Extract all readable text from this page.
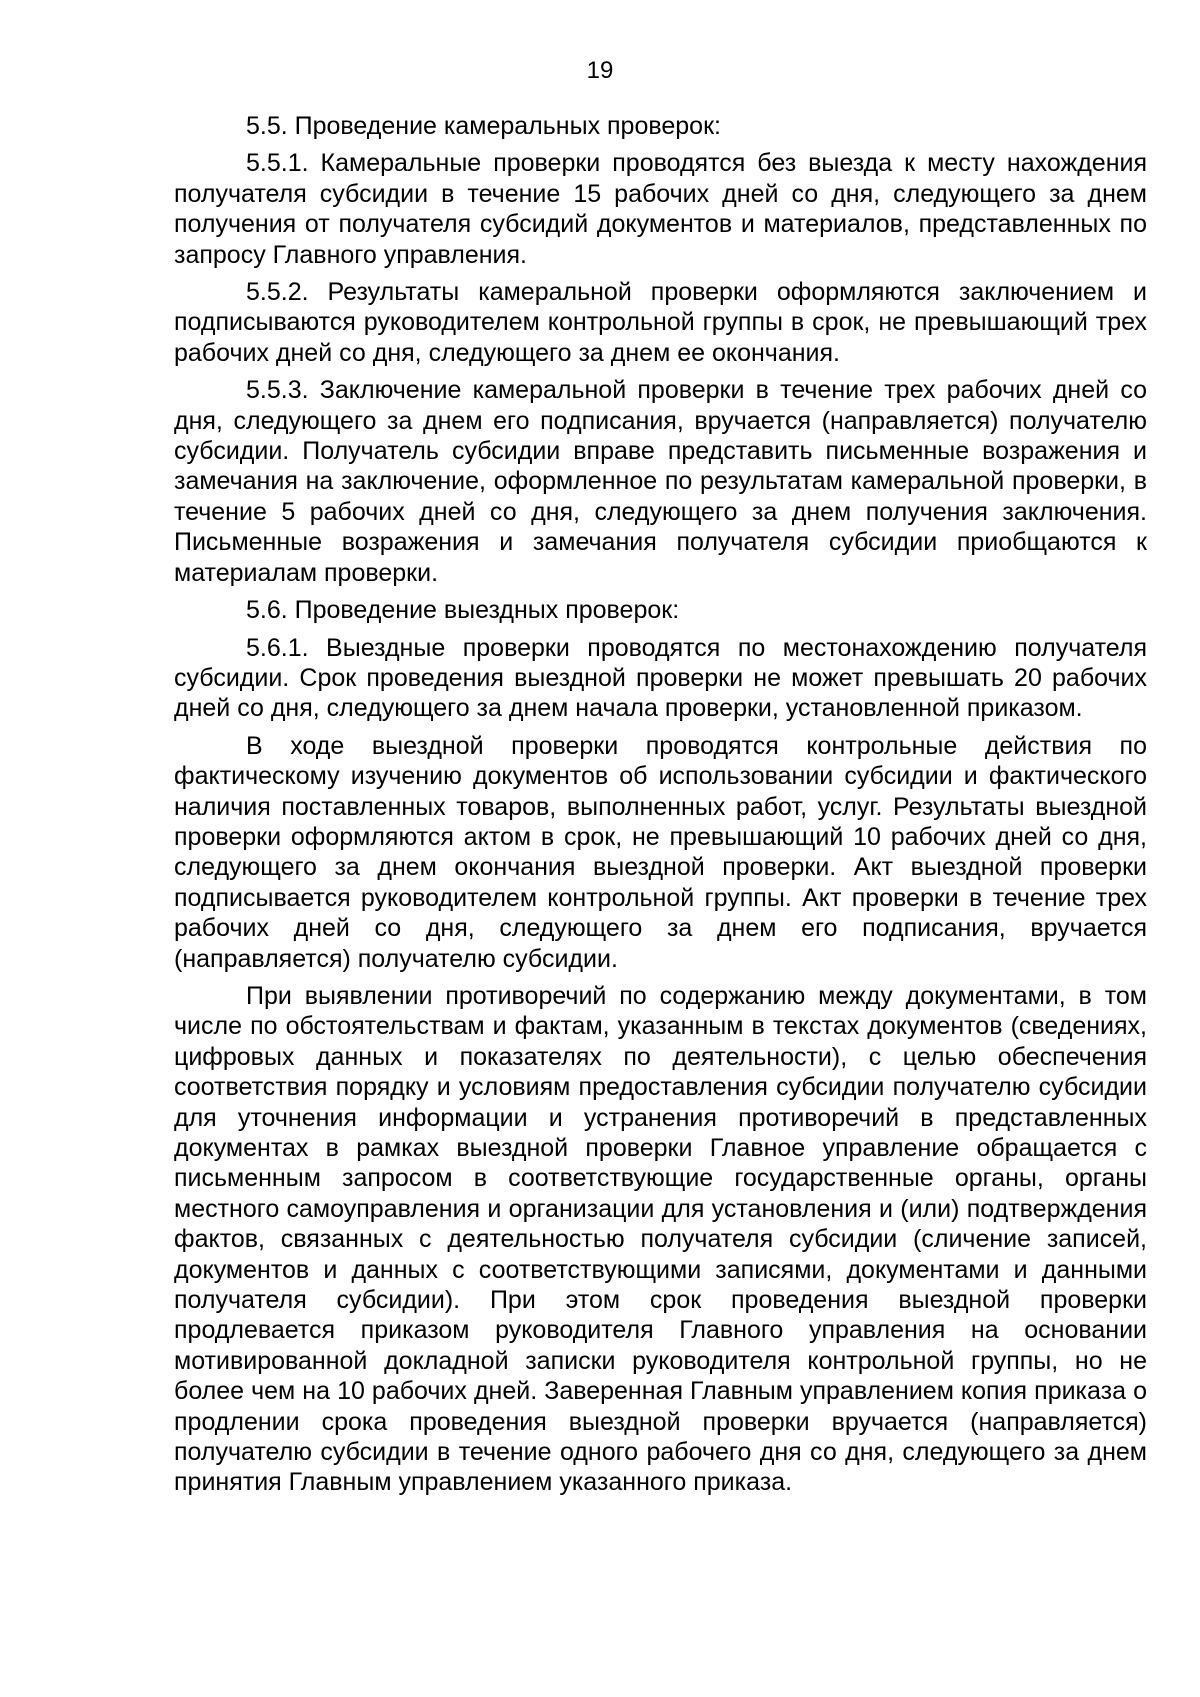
19

5.5. Проведение камеральных проверок:

5.5.1. Камеральные проверки проводятся без выезда к месту нахождения получателя субсидии в течение 15 рабочих дней со дня, следующего за днем получения от получателя субсидий документов и материалов, представленных по запросу Главного управления.

5.5.2. Результаты камеральной проверки оформляются заключением и подписываются руководителем контрольной группы в срок, не превышающий трех рабочих дней со дня, следующего за днем ее окончания.

5.5.3. Заключение камеральной проверки в течение трех рабочих дней со дня, следующего за днем его подписания, вручается (направляется) получателю субсидии. Получатель субсидии вправе представить письменные возражения и замечания на заключение, оформленное по результатам камеральной проверки, в течение 5 рабочих дней со дня, следующего за днем получения заключения. Письменные возражения и замечания получателя субсидии приобщаются к материалам проверки.

5.6. Проведение выездных проверок:

5.6.1. Выездные проверки проводятся по местонахождению получателя субсидии. Срок проведения выездной проверки не может превышать 20 рабочих дней со дня, следующего за днем начала проверки, установленной приказом.

В ходе выездной проверки проводятся контрольные действия по фактическому изучению документов об использовании субсидии и фактического наличия поставленных товаров, выполненных работ, услуг. Результаты выездной проверки оформляются актом в срок, не превышающий 10 рабочих дней со дня, следующего за днем окончания выездной проверки. Акт выездной проверки подписывается руководителем контрольной группы. Акт проверки в течение трех рабочих дней со дня, следующего за днем его подписания, вручается (направляется) получателю субсидии.

При выявлении противоречий по содержанию между документами, в том числе по обстоятельствам и фактам, указанным в текстах документов (сведениях, цифровых данных и показателях по деятельности), с целью обеспечения соответствия порядку и условиям предоставления субсидии получателю субсидии для уточнения информации и устранения противоречий в представленных документах в рамках выездной проверки Главное управление обращается с письменным запросом в соответствующие государственные органы, органы местного самоуправления и организации для установления и (или) подтверждения фактов, связанных с деятельностью получателя субсидии (сличение записей, документов и данных с соответствующими записями, документами и данными получателя субсидии). При этом срок проведения выездной проверки продлевается приказом руководителя Главного управления на основании мотивированной докладной записки руководителя контрольной группы, но не более чем на 10 рабочих дней. Заверенная Главным управлением копия приказа о продлении срока проведения выездной проверки вручается (направляется) получателю субсидии в течение одного рабочего дня со дня, следующего за днем принятия Главным управлением указанного приказа.
